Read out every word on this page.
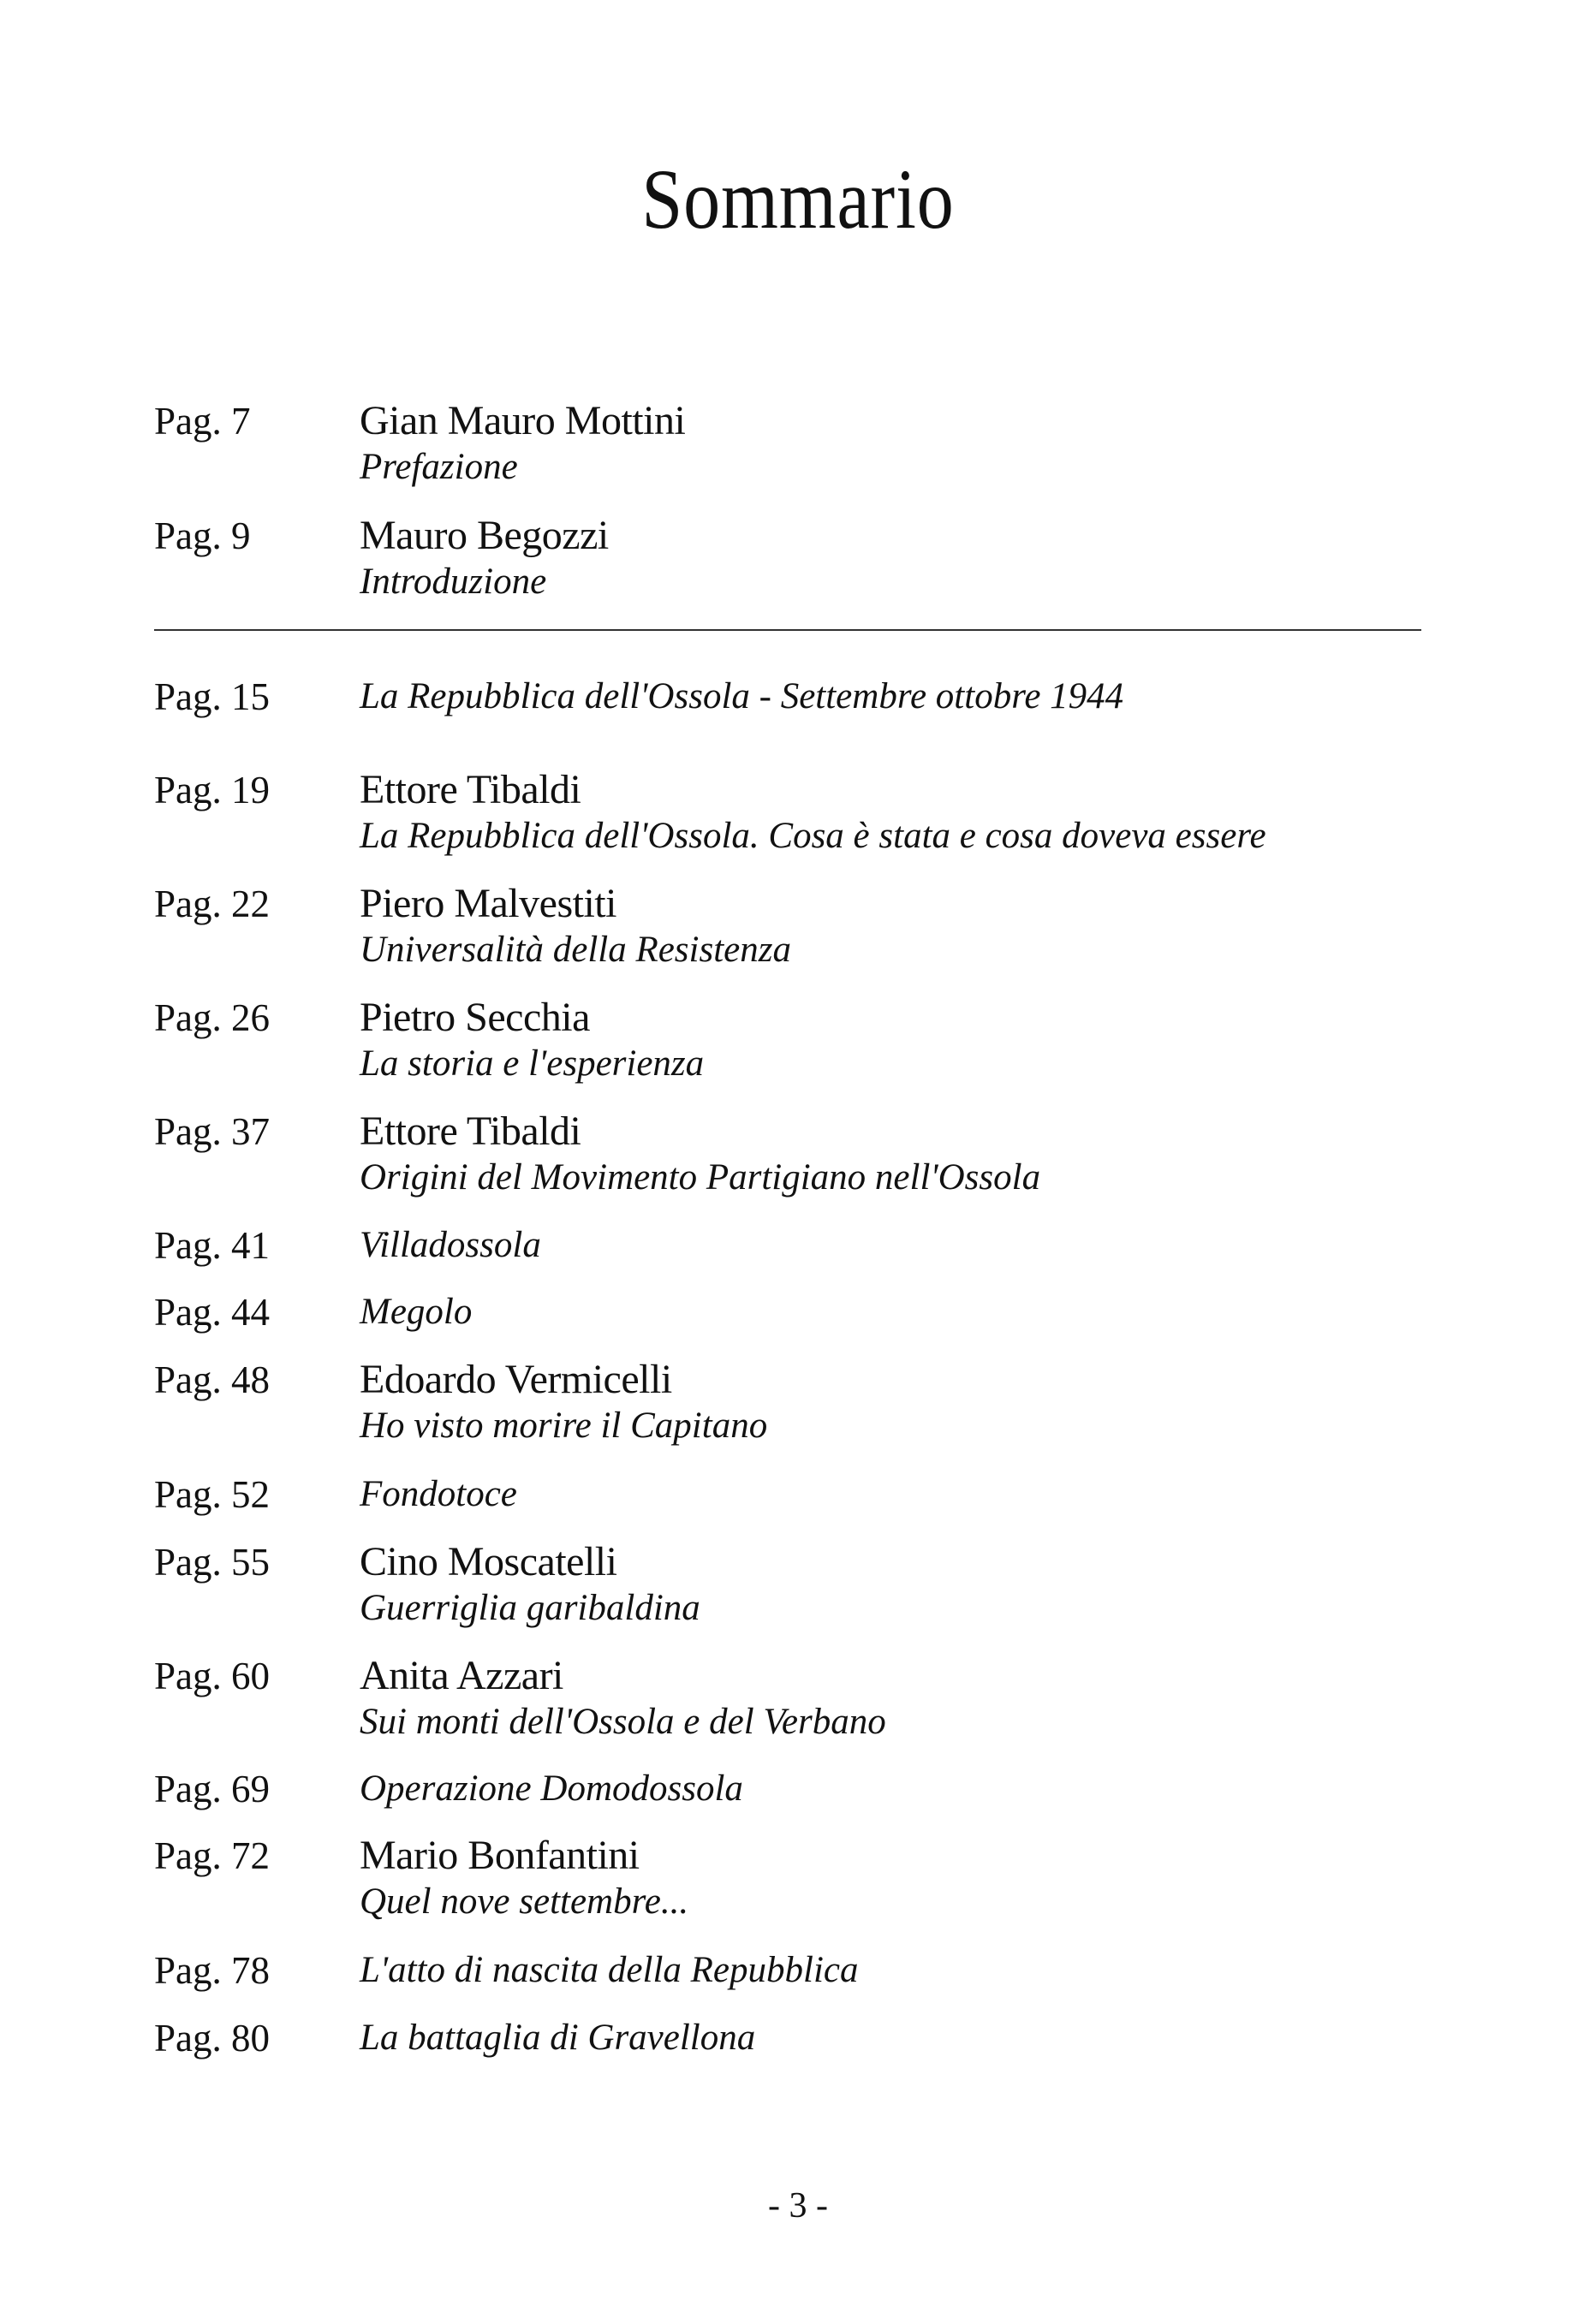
Sommario
Pag. 7	Gian Mauro Mottini
Prefazione
Pag. 9	Mauro Begozzi
Introduzione
Pag. 15 La Repubblica dell'Ossola - Settembre ottobre 1944
Pag. 19 Ettore Tibaldi
La Repubblica dell'Ossola. Cosa è stata e cosa doveva essere
Pag. 22 Piero Malvestiti
Universalità della Resistenza
Pag. 26 Pietro Secchia
La storia e l'esperienza
Pag. 37 Ettore Tibaldi
Origini del Movimento Partigiano nell'Ossola
Pag. 41 Villadossola
Pag. 44 Megolo
Pag. 48 Edoardo Vermicelli
Ho visto morire il Capitano
Pag. 52 Fondotoce
Pag. 55 Cino Moscatelli
Guerriglia garibaldina
Pag. 60 Anita Azzari
Sui monti dell'Ossola e del Verbano
Pag. 69 Operazione Domodossola
Pag. 72 Mario Bonfantini
Quel nove settembre...
Pag. 78 L'atto di nascita della Repubblica
Pag. 80 La battaglia di Gravellona
- 3 -
